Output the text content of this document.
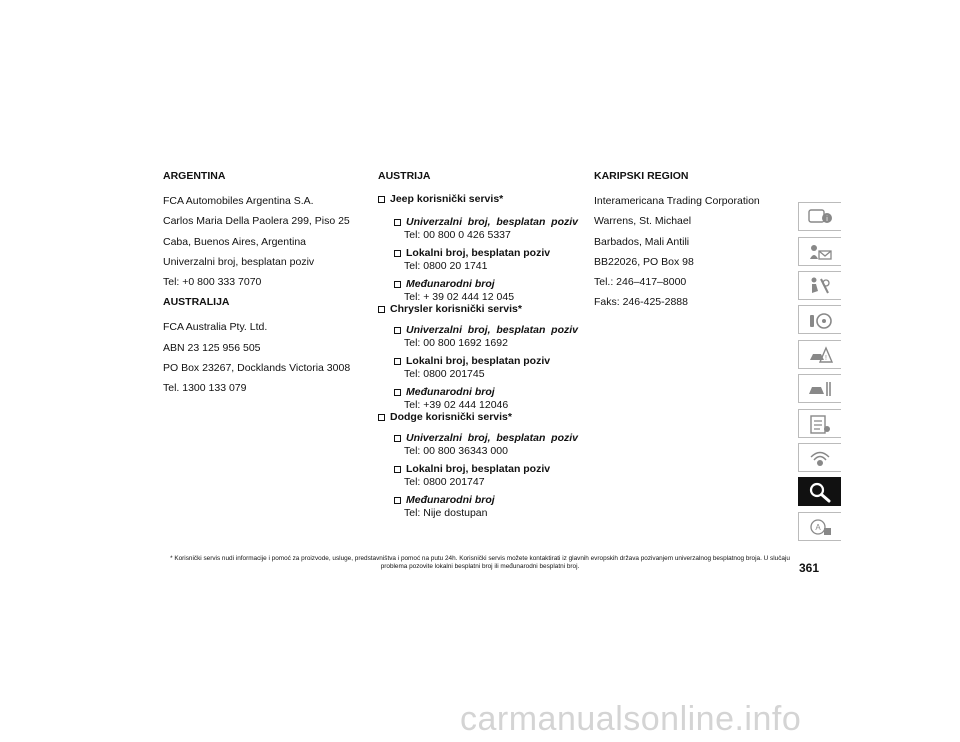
ARGENTINA
FCA Automobiles Argentina S.A.
Carlos Maria Della Paolera 299, Piso 25
Caba, Buenos Aires, Argentina
Univerzalni broj, besplatan poziv
Tel: +0 800 333 7070
AUSTRALIJA
FCA Australia Pty. Ltd.
ABN 23 125 956 505
PO Box 23267, Docklands Victoria 3008
Tel. 1300 133 079
AUSTRIJA
Jeep korisnički servis*
Univerzalni broj, besplatan poziv
Tel: 00 800 0 426 5337
Lokalni broj, besplatan poziv
Tel: 0800 20 1741
Međunarodni broj
Tel: + 39 02 444 12 045
Chrysler korisnički servis*
Univerzalni broj, besplatan poziv
Tel: 00 800 1692 1692
Lokalni broj, besplatan poziv
Tel: 0800 201745
Međunarodni broj
Tel: +39 02 444 12046
Dodge korisnički servis*
Univerzalni broj, besplatan poziv
Tel: 00 800 36343 000
Lokalni broj, besplatan poziv
Tel: 0800 201747
Međunarodni broj
Tel: Nije dostupan
KARIPSKI REGION
Interamericana Trading Corporation
Warrens, St. Michael
Barbados, Mali Antili
BB22026, PO Box 98
Tel.: 246–417–8000
Faks: 246-425-2888
i
!
A
* Korisnički servis nudi informacije i pomoć za proizvode, usluge, predstavništva i pomoć na putu 24h. Korisnički servis možete kontaktirati iz glavnih evropskih država pozivanjem univerzalnog besplatnog broja. U slučaju problema pozovite lokalni besplatni broj ili međunarodni besplatni broj.	361
carmanualsonline.info
